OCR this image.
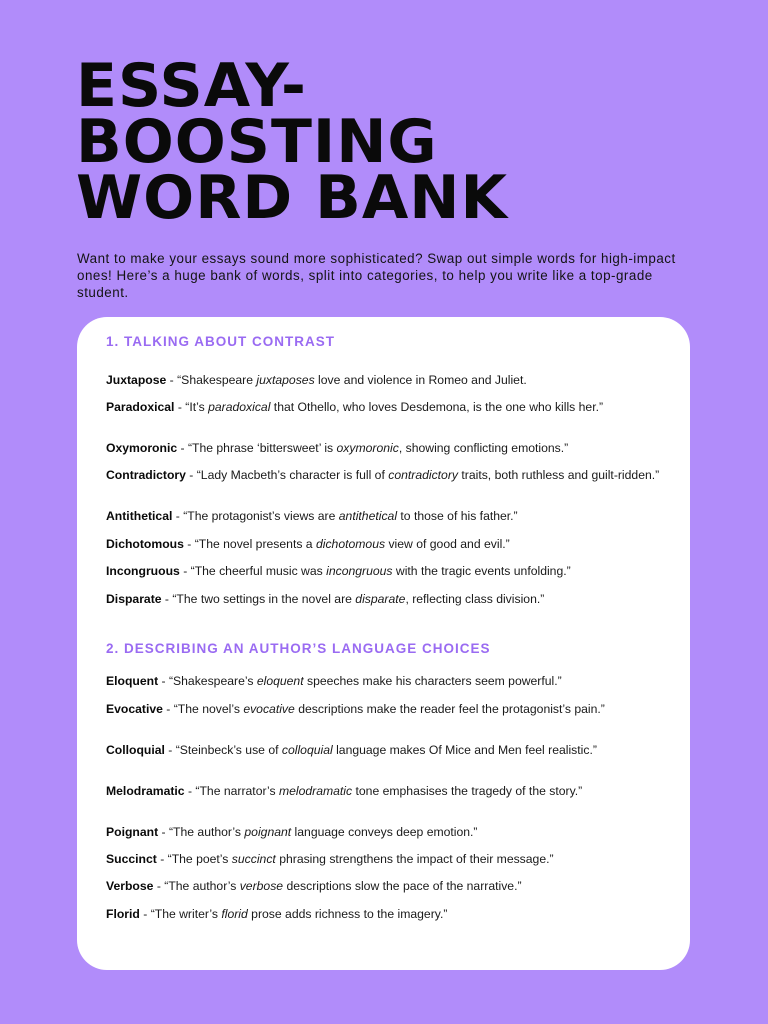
ESSAY-
BOOSTING
WORD BANK

Want to make your essays sound more sophisticated? Swap out simple words for high-impact ones! Here’s a huge bank of words, split into categories, to help you write like a top-grade student.

1. TALKING ABOUT CONTRAST
Juxtapose - “Shakespeare juxtaposes love and violence in Romeo and Juliet.
Paradoxical - “It’s paradoxical that Othello, who loves Desdemona, is the one who kills her.”
Oxymoronic - “The phrase ‘bittersweet’ is oxymoronic, showing conflicting emotions.”
Contradictory - “Lady Macbeth’s character is full of contradictory traits, both ruthless and guilt-ridden.”
Antithetical - “The protagonist’s views are antithetical to those of his father.”
Dichotomous - “The novel presents a dichotomous view of good and evil.”
Incongruous - “The cheerful music was incongruous with the tragic events unfolding.”
Disparate - “The two settings in the novel are disparate, reflecting class division.”
2. DESCRIBING AN AUTHOR’S LANGUAGE CHOICES
Eloquent - “Shakespeare’s eloquent speeches make his characters seem powerful.”
Evocative - “The novel’s evocative descriptions make the reader feel the protagonist’s pain.”
Colloquial - “Steinbeck’s use of colloquial language makes Of Mice and Men feel realistic.”
Melodramatic - “The narrator’s melodramatic tone emphasises the tragedy of the story.”
Poignant - “The author’s poignant language conveys deep emotion.”
Succinct - “The poet’s succinct phrasing strengthens the impact of their message.”
Verbose - “The author’s verbose descriptions slow the pace of the narrative.”
Florid - “The writer’s florid prose adds richness to the imagery.”
